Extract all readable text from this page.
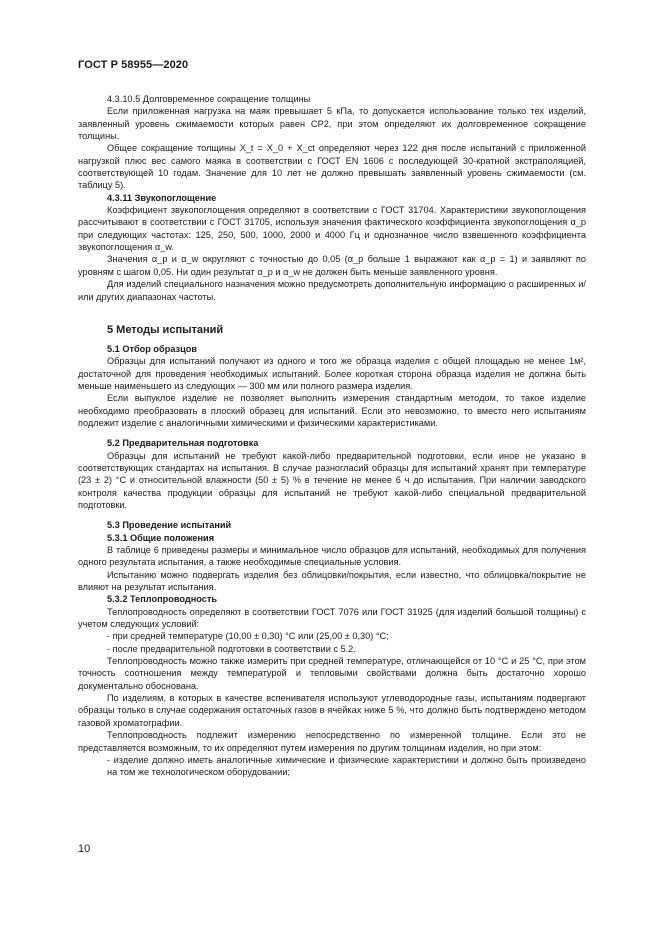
ГОСТ Р 58955—2020

4.3.10.5 Долговременное сокращение толщины

Если приложенная нагрузка на маяк превышает 5 кПа, то допускается использование только тех изделий, заявленный уровень сжимаемости которых равен CP2, при этом определяют их долговременное сокращение толщины.

Общее сокращение толщины X_t = X_0 + X_ct определяют через 122 дня после испытаний с приложенной нагрузкой плюс вес самого маяка в соответствии с ГОСТ EN 1606 с последующей 30-кратной экстраполяцией, соответствующей 10 годам. Значение для 10 лет не должно превышать заявленный уровень сжимаемости (см. таблицу 5).

4.3.11 Звукопоглощение

Коэффициент звукопоглощения определяют в соответствии с ГОСТ 31704. Характеристики звукопоглощения рассчитывают в соответствии с ГОСТ 31705, используя значения фактического коэффициента звукопоглощения α_p при следующих частотах: 125, 250, 500, 1000, 2000 и 4000 Гц и однозначное число взвешенного коэффициента звукопоглощения α_w.

Значения α_p и α_w округляют с точностью до 0,05 (α_p больше 1 выражают как α_p = 1) и заявляют по уровням с шагом 0,05. Ни один результат α_p и α_w не должен быть меньше заявленного уровня.

Для изделий специального назначения можно предусмотреть дополнительную информацию о расширенных и/или других диапазонах частоты.

5 Методы испытаний

5.1 Отбор образцов

Образцы для испытаний получают из одного и того же образца изделия с общей площадью не менее 1м², достаточной для проведения необходимых испытаний. Более короткая сторона образца изделия не должна быть меньше наименьшего из следующих — 300 мм или полного размера изделия.

Если выпуклое изделие не позволяет выполнить измерения стандартным методом, то такое изделие необходимо преобразовать в плоский образец для испытаний. Если это невозможно, то вместо него испытаниям подлежит изделие с аналогичными химическими и физическими характеристиками.

5.2 Предварительная подготовка

Образцы для испытаний не требуют какой-либо предварительной подготовки, если иное не указано в соответствующих стандартах на испытания. В случае разногласий образцы для испытаний хранят при температуре (23 ± 2) °С и относительной влажности (50 ± 5) % в течение не менее 6 ч до испытания. При наличии заводского контроля качества продукции образцы для испытаний не требуют какой-либо специальной предварительной подготовки.

5.3 Проведение испытаний

5.3.1 Общие положения

В таблице 6 приведены размеры и минимальное число образцов для испытаний, необходимых для получения одного результата испытания, а также необходимые специальные условия.

Испытанию можно подвергать изделия без облицовки/покрытия, если известно, что облицовка/покрытие не влияют на результат испытания.

5.3.2 Теплопроводность

Теплопроводность определяют в соответствии ГОСТ 7076 или ГОСТ 31925 (для изделий большой толщины) с учетом следующих условий:

- при средней температуре (10,00 ± 0,30) °С или (25,00 ± 0,30) °С;

- после предварительной подготовки в соответствии с 5.2.

Теплопроводность можно также измерить при средней температуре, отличающейся от 10 °С и 25 °С, при этом точность соотношения между температурой и тепловыми свойствами должна быть достаточно хорошо документально обоснована.

По изделиям, в которых в качестве вспенивателя используют углеводородные газы, испытаниям подвергают образцы только в случае содержания остаточных газов в ячейках ниже 5 %, что должно быть подтверждено методом газовой хроматографии.

Теплопроводность подлежит измерению непосредственно по измеренной толщине. Если это не представляется возможным, то их определяют путем измерения по другим толщинам изделия, но при этом:

- изделие должно иметь аналогичные химические и физические характеристики и должно быть произведено на том же технологическом оборудовании;

10
